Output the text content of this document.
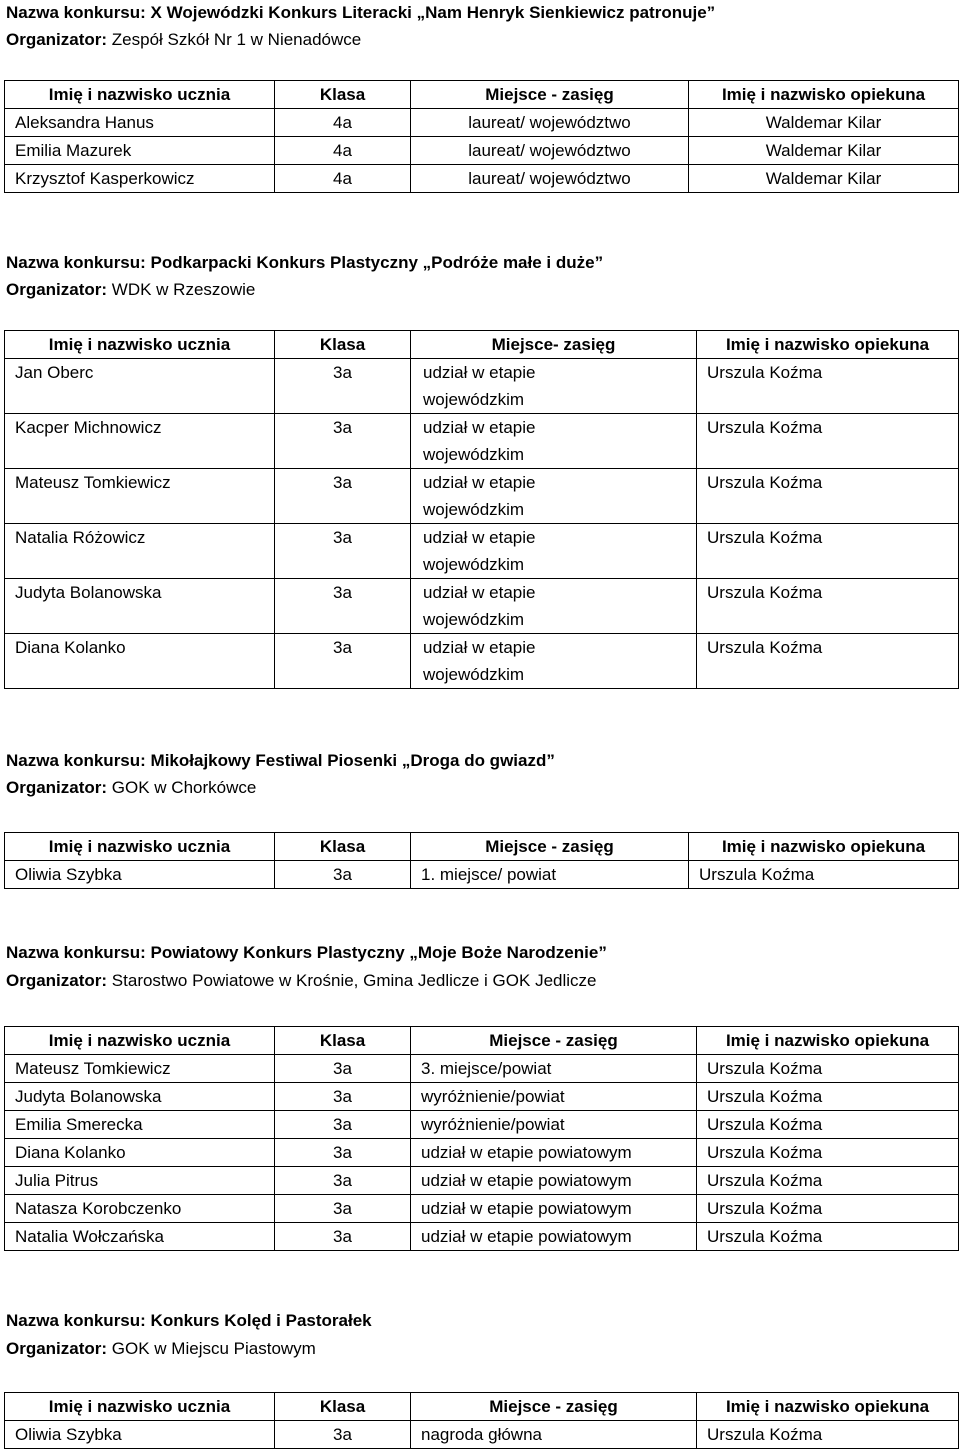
Nazwa konkursu: X Wojewódzki Konkurs Literacki „Nam Henryk Sienkiewicz patronuje”
Organizator: Zespół Szkół Nr 1 w Nienadówce
Imię i nazwisko ucznia	Klasa	Miejsce - zasięg	Imię i nazwisko opiekuna
Aleksandra Hanus	4a	laureat/ województwo	Waldemar Kilar
Emilia Mazurek	4a	laureat/ województwo	Waldemar Kilar
Krzysztof Kasperkowicz	4a	laureat/ województwo	Waldemar Kilar
Nazwa konkursu: Podkarpacki Konkurs Plastyczny „Podróże małe i duże”
Organizator: WDK w Rzeszowie
Imię i nazwisko ucznia	Klasa	Miejsce- zasięg	Imię i nazwisko opiekuna
Jan Oberc	3a	udział w etapie wojewódzkim	Urszula Koźma
Kacper Michnowicz	3a	udział w etapie wojewódzkim	Urszula Koźma
Mateusz Tomkiewicz	3a	udział w etapie wojewódzkim	Urszula Koźma
Natalia Różowicz	3a	udział w etapie wojewódzkim	Urszula Koźma
Judyta Bolanowska	3a	udział w etapie wojewódzkim	Urszula Koźma
Diana Kolanko	3a	udział w etapie wojewódzkim	Urszula Koźma
Nazwa konkursu: Mikołajkowy Festiwal Piosenki „Droga do gwiazd”
Organizator: GOK w Chorkówce
Imię i nazwisko ucznia	Klasa	Miejsce - zasięg	Imię i nazwisko opiekuna
Oliwia Szybka	3a	1. miejsce/ powiat	Urszula Koźma
Nazwa konkursu: Powiatowy Konkurs Plastyczny „Moje Boże Narodzenie”
Organizator: Starostwo Powiatowe w Krośnie, Gmina Jedlicze i GOK Jedlicze
Imię i nazwisko ucznia	Klasa	Miejsce - zasięg	Imię i nazwisko opiekuna
Mateusz Tomkiewicz	3a	3. miejsce/powiat	Urszula Koźma
Judyta Bolanowska	3a	wyróżnienie/powiat	Urszula Koźma
Emilia Smerecka	3a	wyróżnienie/powiat	Urszula Koźma
Diana Kolanko	3a	udział w etapie powiatowym	Urszula Koźma
Julia Pitrus	3a	udział w etapie powiatowym	Urszula Koźma
Natasza Korobczenko	3a	udział w etapie powiatowym	Urszula Koźma
Natalia Wołczańska	3a	udział w etapie powiatowym	Urszula Koźma
Nazwa konkursu: Konkurs Kolęd i Pastorałek
Organizator: GOK w Miejscu Piastowym
Imię i nazwisko ucznia	Klasa	Miejsce - zasięg	Imię i nazwisko opiekuna
Oliwia Szybka	3a	nagroda główna	Urszula Koźma
